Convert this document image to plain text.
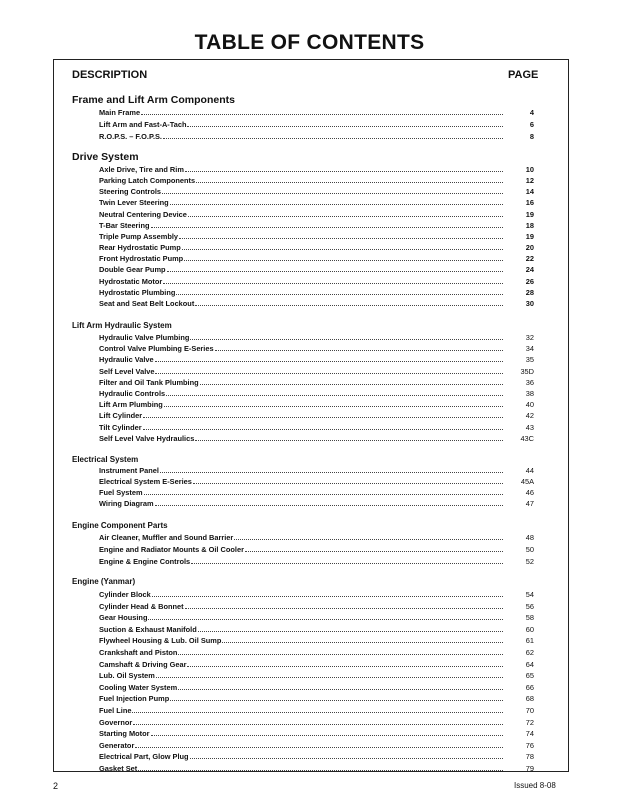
TABLE OF CONTENTS
DESCRIPTION	PAGE
Frame and Lift Arm Components
Main Frame	4
Lift Arm and Fast-A-Tach	6
R.O.P.S. – F.O.P.S.	8
Drive System
Axle Drive, Tire and Rim	10
Parking Latch Components	12
Steering Controls	14
Twin Lever Steering	16
Neutral Centering Device	19
T-Bar Steering	18
Triple Pump Assembly	19
Rear Hydrostatic Pump	20
Front Hydrostatic Pump	22
Double Gear Pump	24
Hydrostatic Motor	26
Hydrostatic Plumbing	28
Seat and Seat Belt Lockout	30
Lift Arm Hydraulic System
Hydraulic Valve Plumbing	32
Control Valve Plumbing E-Series	34
Hydraulic Valve	35
Self Level Valve	35D
Filter and Oil Tank Plumbing	36
Hydraulic Controls	38
Lift Arm Plumbing	40
Lift Cylinder	42
Tilt Cylinder	43
Self Level Valve Hydraulics	43C
Electrical System
Instrument Panel	44
Electrical System E-Series	45A
Fuel System	46
Wiring Diagram	47
Engine Component Parts
Air Cleaner, Muffler and Sound Barrier	48
Engine and Radiator Mounts & Oil Cooler	50
Engine & Engine Controls	52
Engine (Yanmar)
Cylinder Block	54
Cylinder Head & Bonnet	56
Gear Housing	58
Suction & Exhaust Manifold	60
Flywheel Housing & Lub. Oil Sump	61
Crankshaft and Piston	62
Camshaft & Driving Gear	64
Lub. Oil System	65
Cooling Water System	66
Fuel Injection Pump	68
Fuel Line	70
Governor	72
Starting Motor	74
Generator	76
Electrical Part, Glow Plug	78
Gasket Set	79
2	Issued 8-08
